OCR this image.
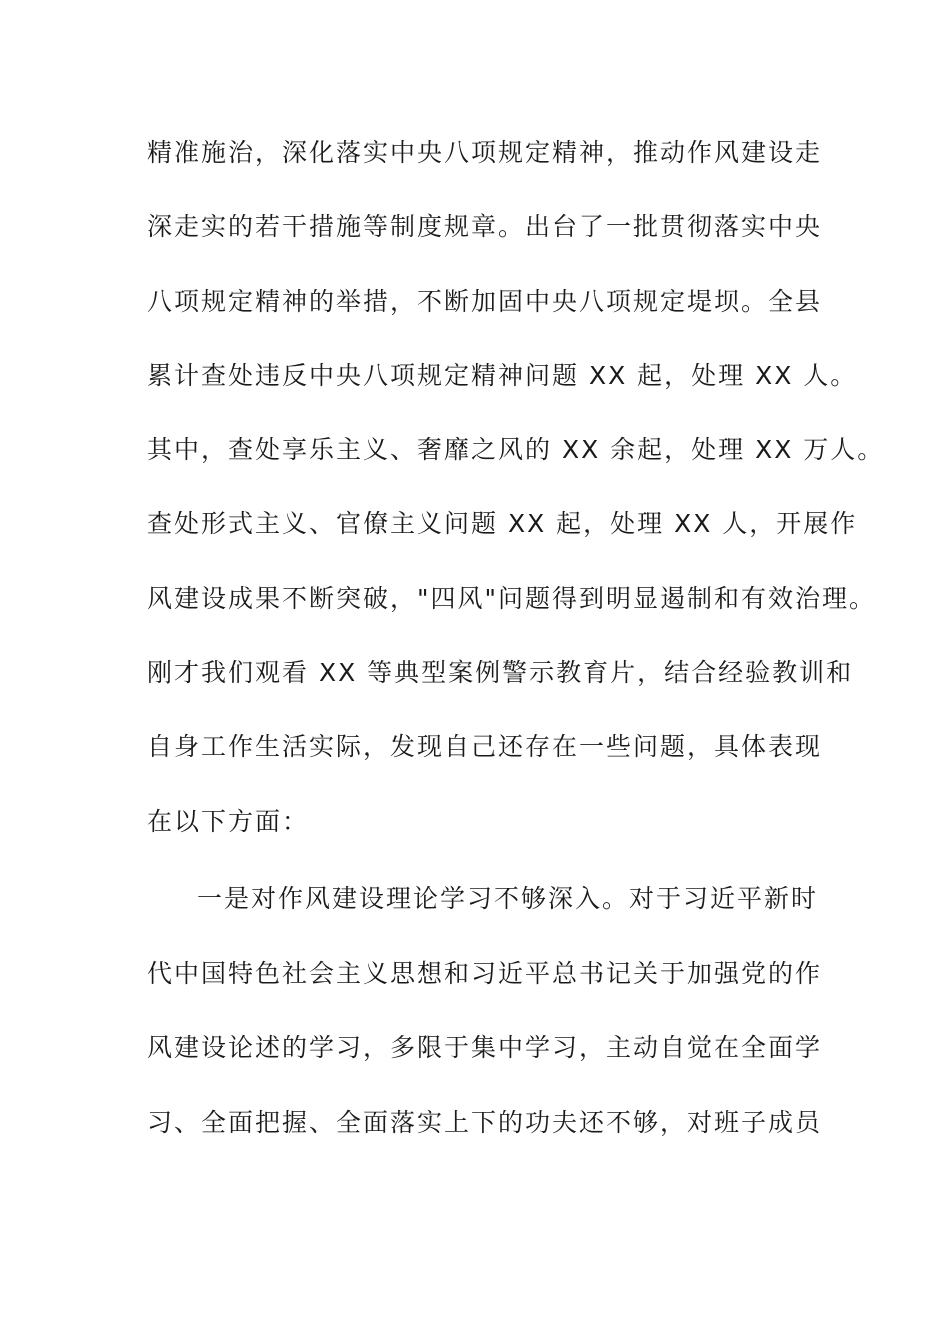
精准施治，深化落实中央八项规定精神，推动作风建设走
深走实的若干措施等制度规章。出台了一批贯彻落实中央
八项规定精神的举措，不断加固中央八项规定堤坝。全县
累计查处违反中央八项规定精神问题 XX 起，处理 XX 人。
其中，查处享乐主义、奢靡之风的 XX 余起，处理 XX 万人。
查处形式主义、官僚主义问题 XX 起，处理 XX 人，开展作
风建设成果不断突破，"四风"问题得到明显遏制和有效治理。
刚才我们观看 XX 等典型案例警示教育片，结合经验教训和
自身工作生活实际，发现自己还存在一些问题，具体表现
在以下方面：
一是对作风建设理论学习不够深入。对于习近平新时
代中国特色社会主义思想和习近平总书记关于加强党的作
风建设论述的学习，多限于集中学习，主动自觉在全面学
习、全面把握、全面落实上下的功夫还不够，对班子成员
